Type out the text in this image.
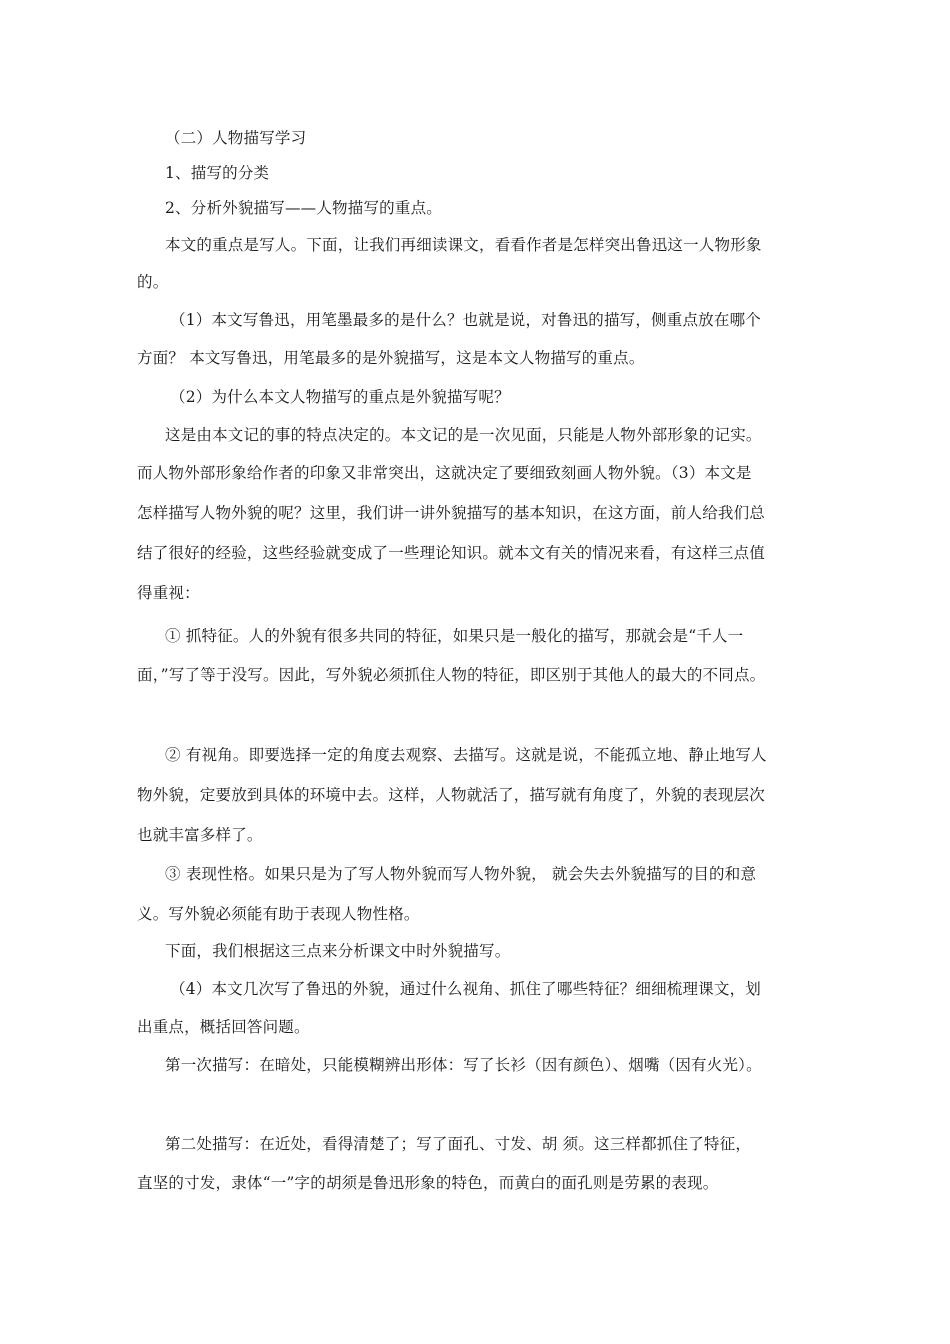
（二）人物描写学习
1、描写的分类
2、分析外貌描写——人物描写的重点。
本文的重点是写人。下面，让我们再细读课文，看看作者是怎样突出鲁迅这一人物形象
的。
（1）本文写鲁迅，用笔墨最多的是什么？也就是说，对鲁迅的描写，侧重点放在哪个
方面？ 本文写鲁迅，用笔最多的是外貌描写，这是本文人物描写的重点。
（2）为什么本文人物描写的重点是外貌描写呢？
这是由本文记的事的特点决定的。本文记的是一次见面，只能是人物外部形象的记实。
而人物外部形象给作者的印象又非常突出，这就决定了要细致刻画人物外貌。（3）本文是
怎样描写人物外貌的呢？这里，我们讲一讲外貌描写的基本知识，在这方面，前人给我们总
结了很好的经验，这些经验就变成了一些理论知识。就本文有关的情况来看，有这样三点值
得重视：
① 抓特征。人的外貌有很多共同的特征，如果只是一般化的描写，那就会是“千人一
面，”写了等于没写。因此，写外貌必须抓住人物的特征，即区别于其他人的最大的不同点。
② 有视角。即要选择一定的角度去观察、去描写。这就是说，不能孤立地、静止地写人
物外貌，定要放到具体的环境中去。这样，人物就活了，描写就有角度了，外貌的表现层次
也就丰富多样了。
③ 表现性格。如果只是为了写人物外貌而写人物外貌， 就会失去外貌描写的目的和意
义。写外貌必须能有助于表现人物性格。
下面，我们根据这三点来分析课文中时外貌描写。
（4）本文几次写了鲁迅的外貌，通过什么视角、抓住了哪些特征？细细梳理课文，划
出重点，概括回答问题。
第一次描写：在暗处，只能模糊辨出形体：写了长衫（因有颜色）、烟嘴（因有火光）。
第二处描写：在近处，看得清楚了；写了面孔、寸发、胡 须。这三样都抓住了特征，
直坚的寸发，隶体“一”字的胡须是鲁迅形象的特色，而黄白的面孔则是劳累的表现。
